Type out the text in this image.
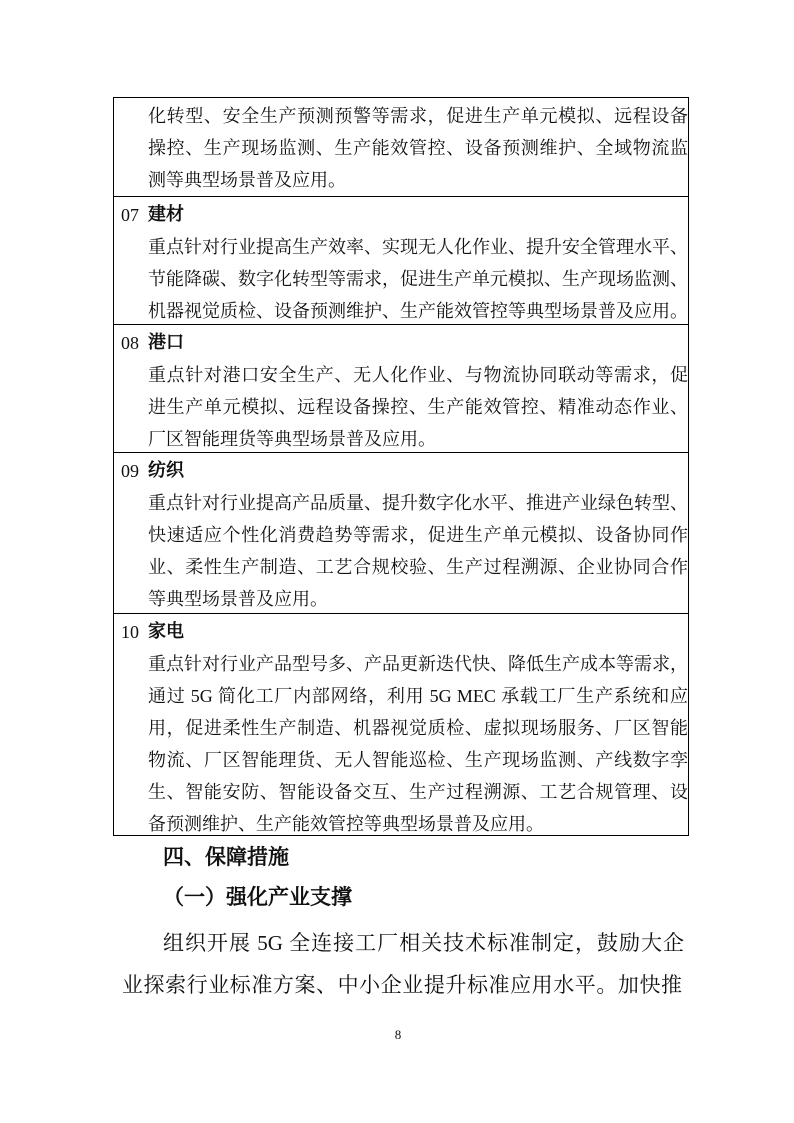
化转型、安全生产预测预警等需求，促进生产单元模拟、远程设备
操控、生产现场监测、生产能效管控、设备预测维护、全域物流监
测等典型场景普及应用。
07 建材
重点针对行业提高生产效率、实现无人化作业、提升安全管理水平、
节能降碳、数字化转型等需求，促进生产单元模拟、生产现场监测、
机器视觉质检、设备预测维护、生产能效管控等典型场景普及应用。
08 港口
重点针对港口安全生产、无人化作业、与物流协同联动等需求，促
进生产单元模拟、远程设备操控、生产能效管控、精准动态作业、
厂区智能理货等典型场景普及应用。
09 纺织
重点针对行业提高产品质量、提升数字化水平、推进产业绿色转型、
快速适应个性化消费趋势等需求，促进生产单元模拟、设备协同作
业、柔性生产制造、工艺合规校验、生产过程溯源、企业协同合作
等典型场景普及应用。
10 家电
重点针对行业产品型号多、产品更新迭代快、降低生产成本等需求，
通过 5G 简化工厂内部网络，利用 5G MEC 承载工厂生产系统和应
用，促进柔性生产制造、机器视觉质检、虚拟现场服务、厂区智能
物流、厂区智能理货、无人智能巡检、生产现场监测、产线数字孪
生、智能安防、智能设备交互、生产过程溯源、工艺合规管理、设
备预测维护、生产能效管控等典型场景普及应用。
四、保障措施
（一）强化产业支撑
组织开展 5G 全连接工厂相关技术标准制定，鼓励大企
业探索行业标准方案、中小企业提升标准应用水平。加快推
8
